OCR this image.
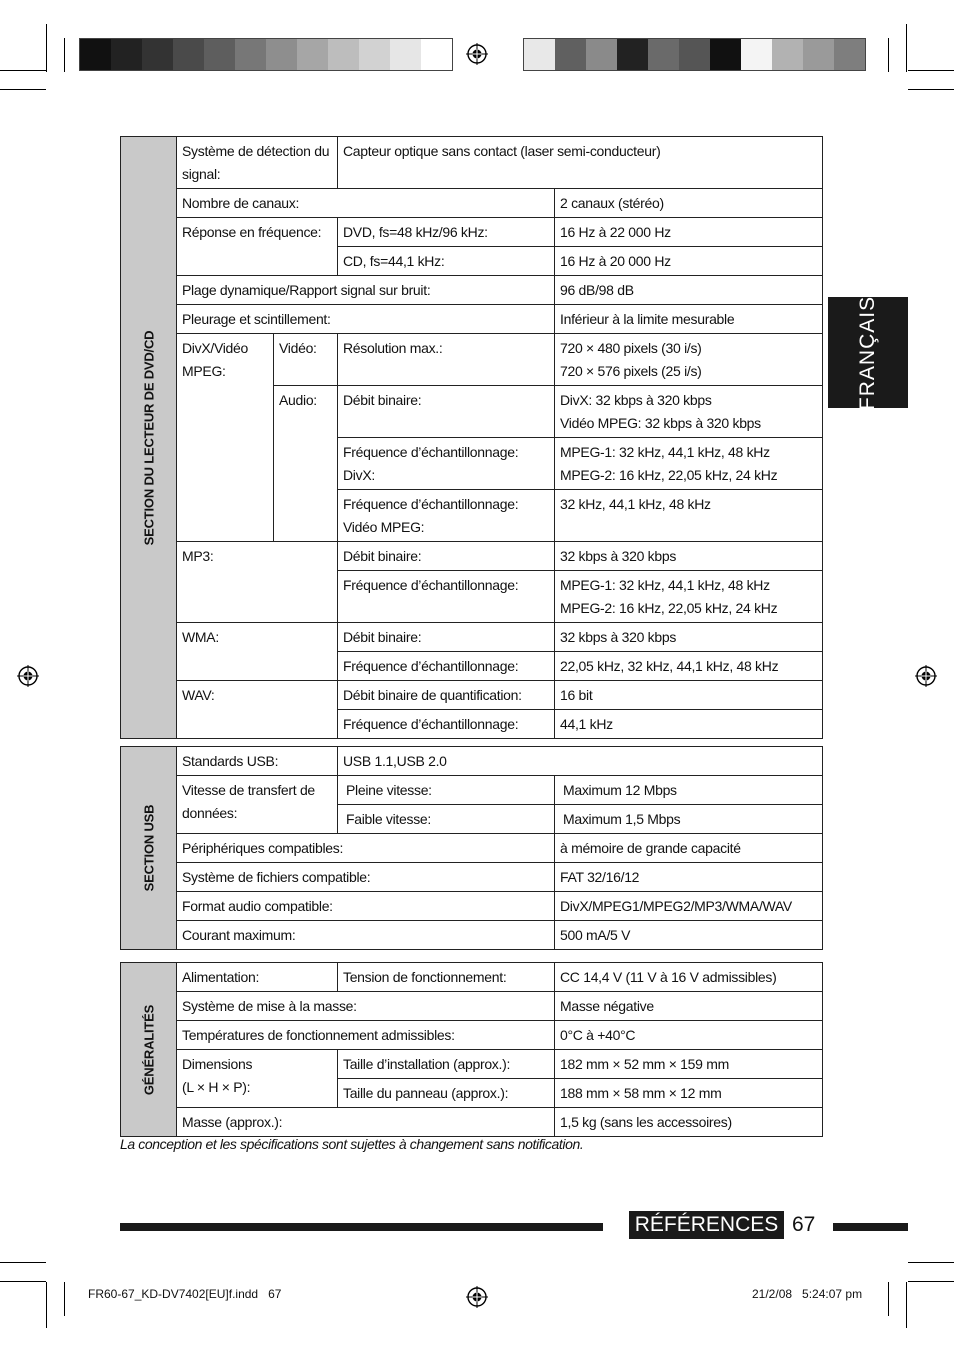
FRANÇAIS
SECTION DU LECTEUR DE DVD/CD	Système de détection du signal:		Capteur optique sans contact (laser semi-conducteur)	
	Nombre de canaux:			2 canaux (stéréo)
	Réponse en fréquence:		DVD, fs=48 kHz/96 kHz:	16 Hz à 22 000 Hz
			CD, fs=44,1 kHz:	16 Hz à 20 000 Hz
	Plage dynamique/Rapport signal sur bruit:			96 dB/98 dB
	Pleurage et scintillement:			Inférieur à la limite mesurable
	DivX/Vidéo
MPEG:	Vidéo:	Résolution max.:	720 × 480 pixels (30 i/s)
720 × 576 pixels (25 i/s)
		Audio:	Débit binaire:	DivX: 32 kbps à 320 kbps
Vidéo MPEG: 32 kbps à 320 kbps
			Fréquence d’échantillonnage:
DivX:	MPEG-1: 32 kHz, 44,1 kHz, 48 kHz
MPEG-2: 16 kHz, 22,05 kHz, 24 kHz
			Fréquence d’échantillonnage:
Vidéo MPEG:	32 kHz, 44,1 kHz, 48 kHz
	MP3:		Débit binaire:	32 kbps à 320 kbps
			Fréquence d’échantillonnage:	MPEG-1: 32 kHz, 44,1 kHz, 48 kHz
MPEG-2: 16 kHz, 22,05 kHz, 24 kHz
	WMA:		Débit binaire:	32 kbps à 320 kbps
			Fréquence d’échantillonnage:	22,05 kHz, 32 kHz, 44,1 kHz, 48 kHz
	WAV:		Débit binaire de quantification:	16 bit
			Fréquence d’échantillonnage:	44,1 kHz
SECTION USB	Standards USB:	USB 1.1,USB 2.0	
	Vitesse de transfert de données:	Pleine vitesse:	Maximum 12 Mbps
		Faible vitesse:	Maximum 1,5 Mbps
	Périphériques compatibles:		à mémoire de grande capacité
	Système de fichiers compatible:		FAT 32/16/12
	Format audio compatible:		DivX/MPEG1/MPEG2/MP3/WMA/WAV
	Courant maximum:		500 mA/5 V
GÉNÉRALITÉS	Alimentation:	Tension de fonctionnement:	CC 14,4 V (11 V à 16 V admissibles)
	Système de mise à la masse:		Masse négative
	Températures de fonctionnement admissibles:		0°C à +40°C
	Dimensions
(L × H × P):	Taille d’installation (approx.):	182 mm × 52 mm × 159 mm
		Taille du panneau (approx.):	188 mm × 58 mm × 12 mm
	Masse (approx.):		1,5 kg (sans les accessoires)
La conception et les spécifications sont sujettes à changement sans notification.
RÉFÉRENCES 67
FR60-67_KD-DV7402[EU]f.indd   67	21/2/08   5:24:07 pm
